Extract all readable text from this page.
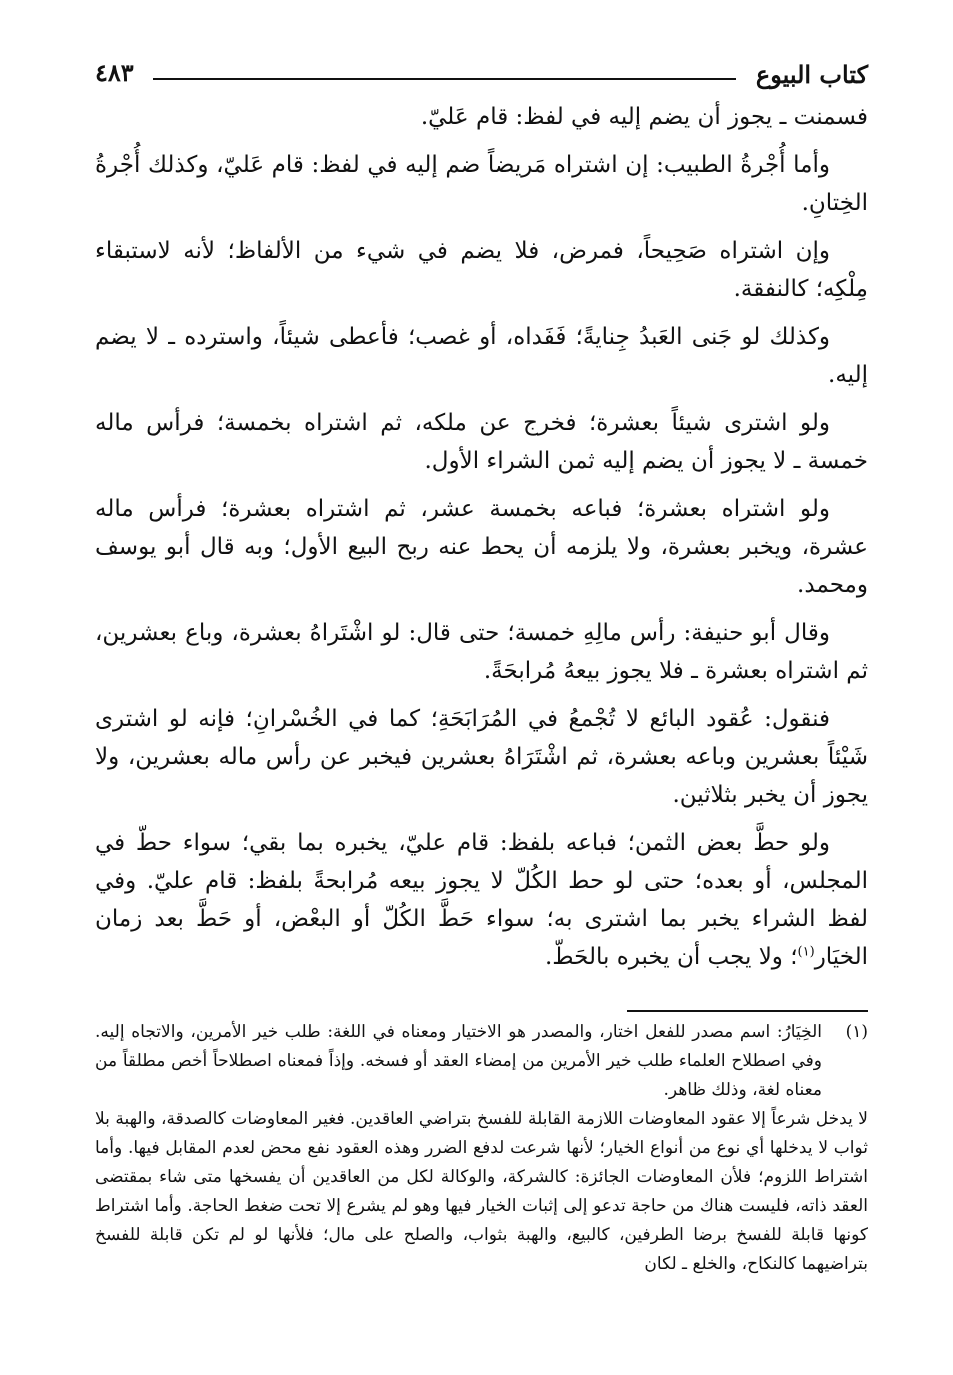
كتاب البيوع
٤٨٣

فسمنت ـ يجوز أن يضم إليه في لفظ: قام عَليّ.

وأما أُجْرةُ الطبيب: إن اشتراه مَريضاً ضم إليه في لفظ: قام عَليّ، وكذلك أُجْرةُ الخِتانِ.

وإن اشتراه صَحِيحاً، فمرض، فلا يضم في شيء من الألفاظ؛ لأنه لاستبقاء مِلْكِه؛ كالنفقة.

وكذلك لو جَنى العَبدُ جِنايةً؛ فَفَداه، أو غصب؛ فأعطى شيئاً، واسترده ـ لا يضم إليه.

ولو اشترى شيئاً بعشرة؛ فخرج عن ملكه، ثم اشتراه بخمسة؛ فرأس ماله خمسة ـ لا يجوز أن يضم إليه ثمن الشراء الأول.

ولو اشتراه بعشرة؛ فباعه بخمسة عشر، ثم اشتراه بعشرة؛ فرأس ماله عشرة، ويخبر بعشرة، ولا يلزمه أن يحط عنه ربح البيع الأول؛ وبه قال أبو يوسف ومحمد.

وقال أبو حنيفة: رأس مالِهِ خمسة؛ حتى قال: لو اشْتَراهُ بعشرة، وباع بعشرين، ثم اشتراه بعشرة ـ فلا يجوز بيعهُ مُرابحَةً.

فنقول: عُقود البائع لا تُجْمعُ في المُرَابَحَةِ؛ كما في الخُسْرانِ؛ فإنه لو اشترى شَيْئاً بعشرين وباعه بعشرة، ثم اشْتَرَاهُ بعشرين فيخبر عن رأس ماله بعشرين، ولا يجوز أن يخبر بثلاثين.

ولو حطَّ بعض الثمن؛ فباعه بلفظ: قام عليّ، يخبره بما بقي؛ سواء حطّ في المجلس، أو بعده؛ حتى لو حط الكُلّ لا يجوز بيعه مُرابحةً بلفظ: قام عليّ. وفي لفظ الشراء يخبر بما اشترى به؛ سواء حَطَّ الكُلّ أو البعْض، أو حَطَّ بعد زمان الخيَار$^{(١)}$؛ ولا يجب أن يخبره بالحَطّ.

(١)الخِيَارُ: اسم مصدر للفعل اختار، والمصدر هو الاختيار ومعناه في اللغة: طلب خير الأمرين، والاتجاه إليه. وفي اصطلاح العلماء طلب خير الأمرين من إمضاء العقد أو فسخه. وإذاً فمعناه اصطلاحاً أخص مطلقاً من معناه لغة، وذلك ظاهر.

لا يدخل شرعاً إلا عقود المعاوضات اللازمة القابلة للفسخ بتراضي العاقدين. فغير المعاوضات كالصدقة، والهبة بلا ثواب لا يدخلها أي نوع من أنواع الخيار؛ لأنها شرعت لدفع الضرر وهذه العقود نفع محض لعدم المقابل فيها. وأما اشتراط اللزوم؛ فلأن المعاوضات الجائزة: كالشركة، والوكالة لكل من العاقدين أن يفسخها متى شاء بمقتضى العقد ذاته، فليست هناك من حاجة تدعو إلى إثبات الخيار فيها وهو لم يشرع إلا تحت ضغط الحاجة. وأما اشتراط كونها قابلة للفسخ برضا الطرفين، كالبيع، والهبة بثواب، والصلح على مال؛ فلأنها لو لم تكن قابلة للفسخ بتراضيهما كالنكاح، والخلع ـ لكان
